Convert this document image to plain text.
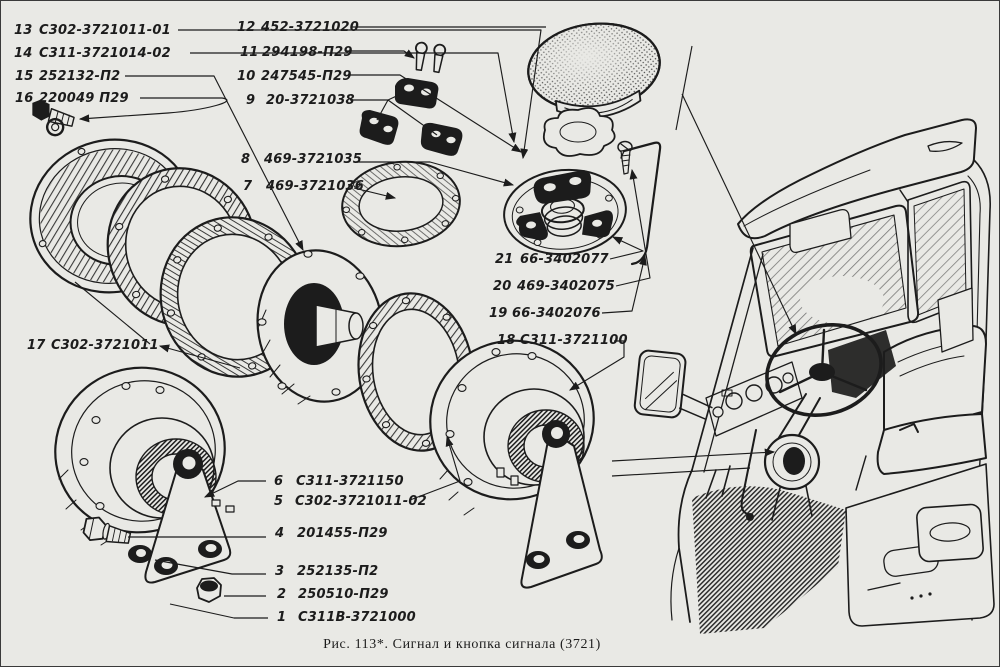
13 С302-3721011-01
14 С311-3721014-02
15 252132-П2
16 220049 П29
12 452-3721020
11 294198-П29
10 247545-П29
9 20-3721038
8 469-3721035
7 469-3721036
21 66-3402077
20 469-3402075
19 66-3402076
18 С311-3721100
17 С302-3721011
6 С311-3721150
5 С302-3721011-02
4 201455-П29
3 252135-П2
2 250510-П29
1 С311В-3721000
Рис. 113*. Сигнал и кнопка сигнала (3721)
